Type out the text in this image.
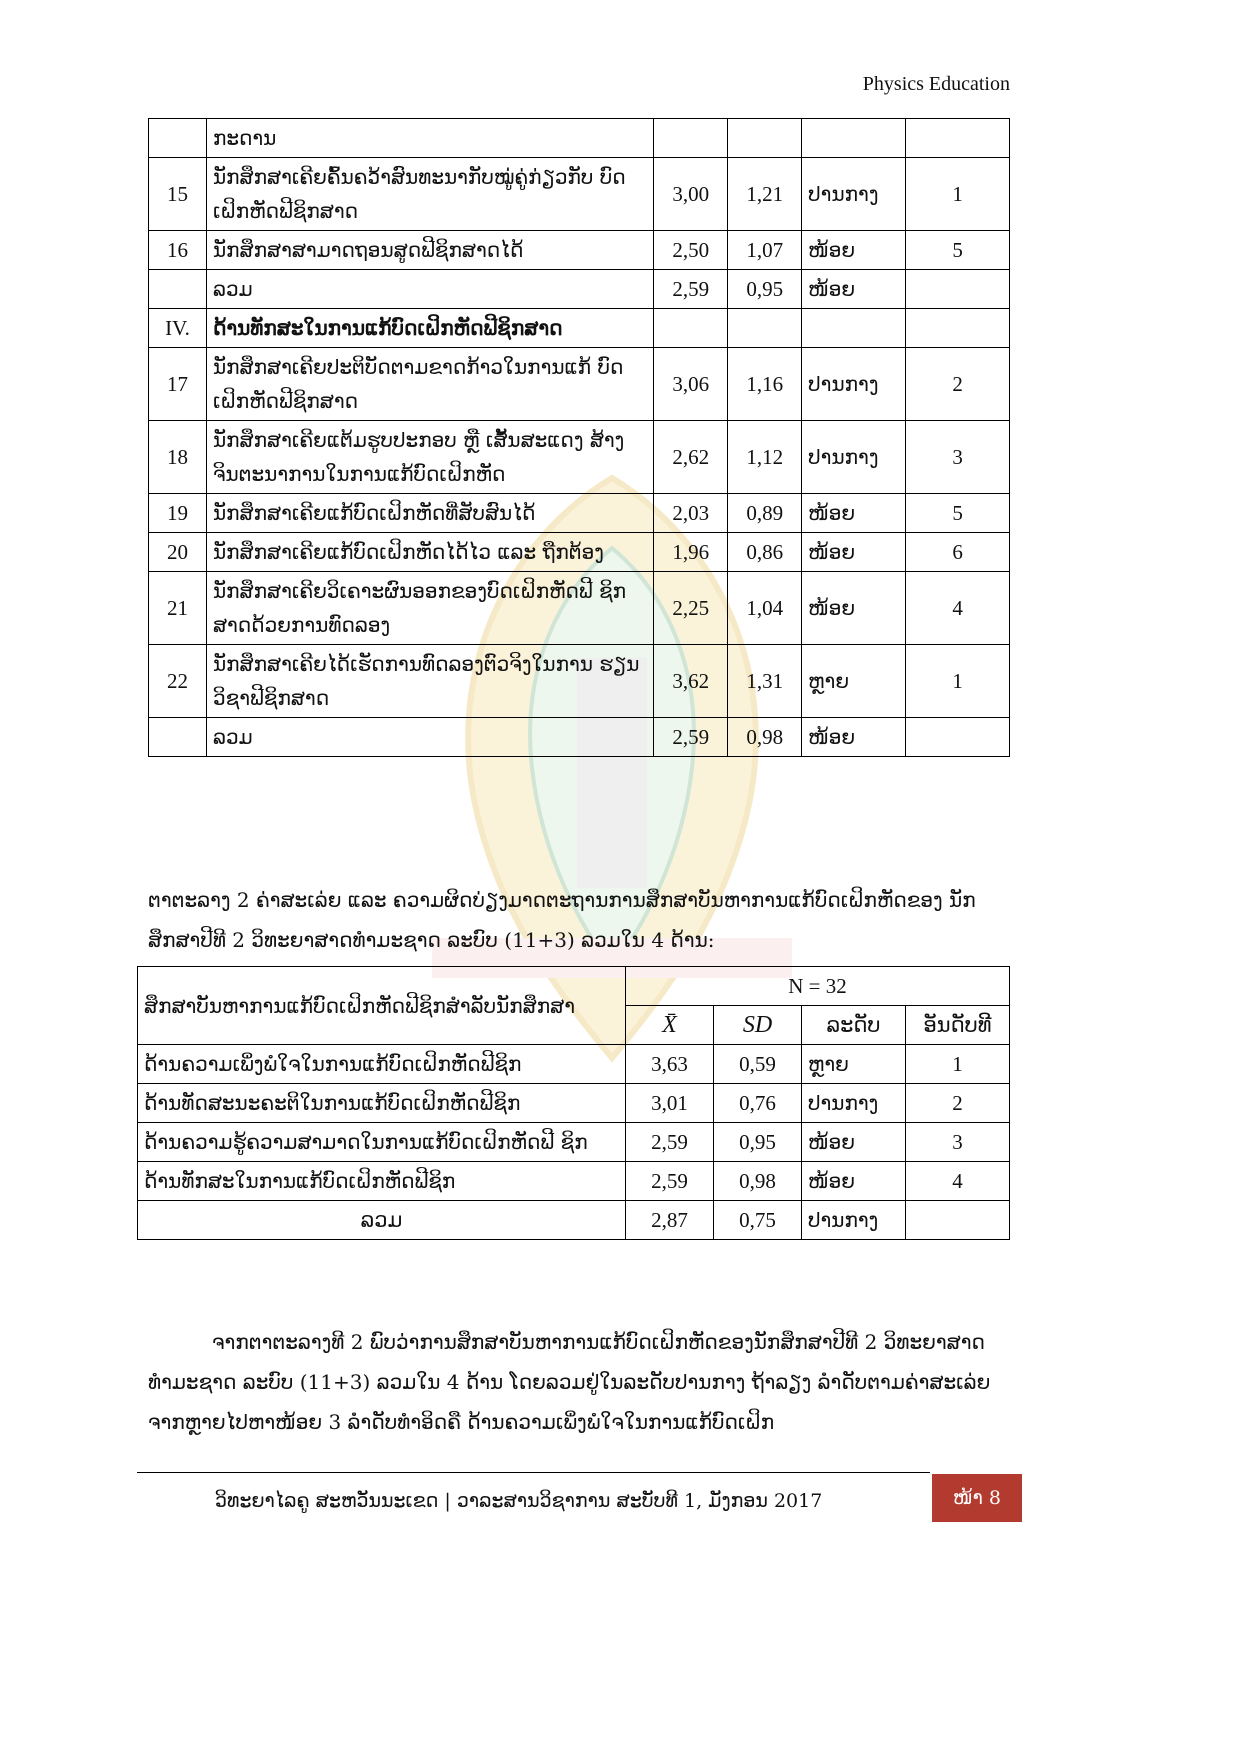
Physics Education
	ກະດານ				
15	ນັກສຶກສາເຄີຍຄົ້ນຄວ້າສົນທະນາກັບໝູ່ຄູ່ກ່ຽວກັບ ບົດເຝິກຫັດຟີຊິກສາດ	3,00	1,21	ປານກາງ	1
16	ນັກສຶກສາສາມາດຖອນສູດຟີຊິກສາດໄດ້	2,50	1,07	ໜ້ອຍ	5
	ລວມ	2,59	0,95	ໜ້ອຍ	
IV.	ດ້ານທັກສະໃນການແກ້ບົດເຝິກຫັດຟີຊິກສາດ				
17	ນັກສຶກສາເຄີຍປະຕິບັດຕາມຂາດກ້າວໃນການແກ້ ບົດເຝິກຫັດຟີຊິກສາດ	3,06	1,16	ປານກາງ	2
18	ນັກສຶກສາເຄີຍແຕ້ມຮູບປະກອບ ຫຼື ເສັ້ນສະແດງ ສ້າງຈິນຕະນາການໃນການແກ້ບົດເຝິກຫັດ	2,62	1,12	ປານກາງ	3
19	ນັກສຶກສາເຄີຍແກ້ບົດເຝິກຫັດທີ່ສັບສົນໄດ້	2,03	0,89	ໜ້ອຍ	5
20	ນັກສຶກສາເຄີຍແກ້ບົດເຝິກຫັດໄດ້ໄວ ແລະ ຖືກຕ້ອງ	1,96	0,86	ໜ້ອຍ	6
21	ນັກສຶກສາເຄີຍວິເຄາະຜົນອອກຂອງບົດເຝິກຫັດຟີ ຊິກສາດດ້ວຍການທົດລອງ	2,25	1,04	ໜ້ອຍ	4
22	ນັກສຶກສາເຄີຍໄດ້ເຮັດການທົດລອງຕົວຈິງໃນການ ຮຽນວິຊາຟີຊິກສາດ	3,62	1,31	ຫຼາຍ	1
	ລວມ	2,59	0,98	ໜ້ອຍ	
ຕາຕະລາງ 2 ຄ່າສະເລ່ຍ ແລະ ຄວາມຜິດບ່ຽງມາດຕະຖານການສຶກສາບັນຫາການແກ້ບົດເຝິກຫັດຂອງ ນັກສຶກສາປີທີ 2 ວິທະຍາສາດທຳມະຊາດ ລະບົບ (11+3) ລວມໃນ 4 ດ້ານ:
ສຶກສາບັນຫາການແກ້ບົດເຝິກຫັດຟີຊິກສຳລັບນັກສຶກສາ	N = 32			
	X̄	SD	ລະດັບ	ອັນດັບທີ
ດ້ານຄວາມເພິ່ງພໍໃຈໃນການແກ້ບົດເຝິກຫັດຟີຊິກ	3,63	0,59	ຫຼາຍ	1
ດ້ານທັດສະນະຄະຕິໃນການແກ້ບົດເຝິກຫັດຟີຊິກ	3,01	0,76	ປານກາງ	2
ດ້ານຄວາມຮູ້ຄວາມສາມາດໃນການແກ້ບົດເຝິກຫັດຟີ ຊິກ	2,59	0,95	ໜ້ອຍ	3
ດ້ານທັກສະໃນການແກ້ບົດເຝິກຫັດຟີຊິກ	2,59	0,98	ໜ້ອຍ	4
ລວມ	2,87	0,75	ປານກາງ	
ຈາກຕາຕະລາງທີ 2 ພົບວ່າການສຶກສາບັນຫາການແກ້ບົດເຝິກຫັດຂອງນັກສຶກສາປີທີ 2 ວິທະຍາສາດທຳມະຊາດ ລະບົບ (11+3) ລວມໃນ 4 ດ້ານ ໂດຍລວມຢູ່ໃນລະດັບປານກາງ ຖ້າລຽງ ລຳດັບຕາມຄ່າສະເລ່ຍຈາກຫຼາຍໄປຫາໜ້ອຍ 3 ລຳດັບທຳອິດຄື ດ້ານຄວາມເພິ່ງພໍໃຈໃນການແກ້ບົດເຝິກ
ວິທະຍາໄລຄູ ສະຫວັນນະເຂດ | ວາລະສານວິຊາການ ສະບັບທີ 1, ມັງກອນ 2017	ໜ້າ 8
